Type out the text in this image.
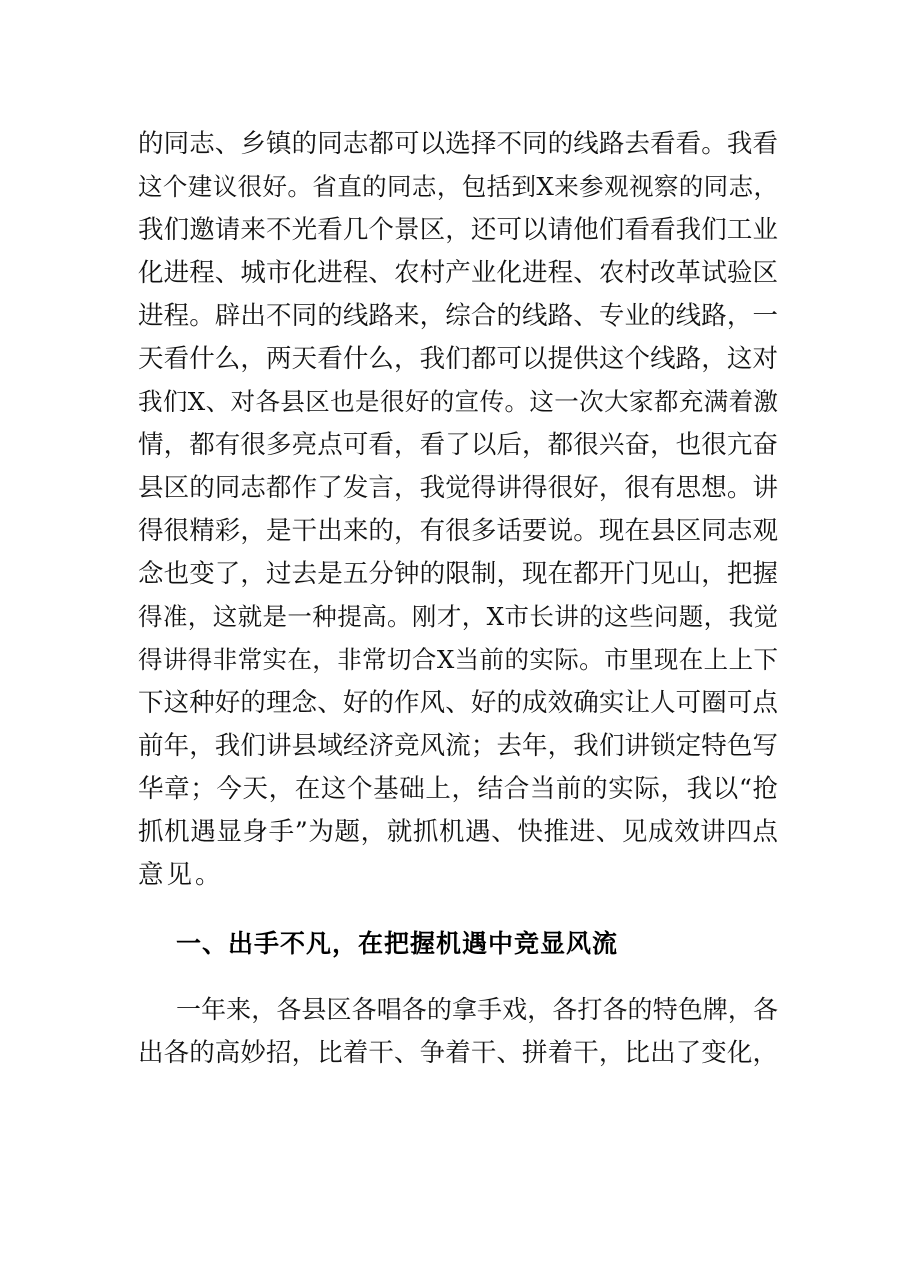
的同志、乡镇的同志都可以选择不同的线路去看看。我看
这个建议很好。省直的同志，包括到X来参观视察的同志，
我们邀请来不光看几个景区，还可以请他们看看我们工业
化进程、城市化进程、农村产业化进程、农村改革试验区
进程。辟出不同的线路来，综合的线路、专业的线路，一
天看什么，两天看什么，我们都可以提供这个线路，这对
我们X、对各县区也是很好的宣传。这一次大家都充满着激
情，都有很多亮点可看，看了以后，都很兴奋，也很亢奋
县区的同志都作了发言，我觉得讲得很好，很有思想。讲
得很精彩，是干出来的，有很多话要说。现在县区同志观
念也变了，过去是五分钟的限制，现在都开门见山，把握
得准，这就是一种提高。刚才，X市长讲的这些问题，我觉
得讲得非常实在，非常切合X当前的实际。市里现在上上下
下这种好的理念、好的作风、好的成效确实让人可圈可点
前年，我们讲县域经济竞风流；去年，我们讲锁定特色写
华章；今天，在这个基础上，结合当前的实际，我以“抢
抓机遇显身手”为题，就抓机遇、快推进、见成效讲四点
意见。
一、出手不凡，在把握机遇中竞显风流
一年来，各县区各唱各的拿手戏，各打各的特色牌，各
出各的高妙招，比着干、争着干、拼着干，比出了变化，
